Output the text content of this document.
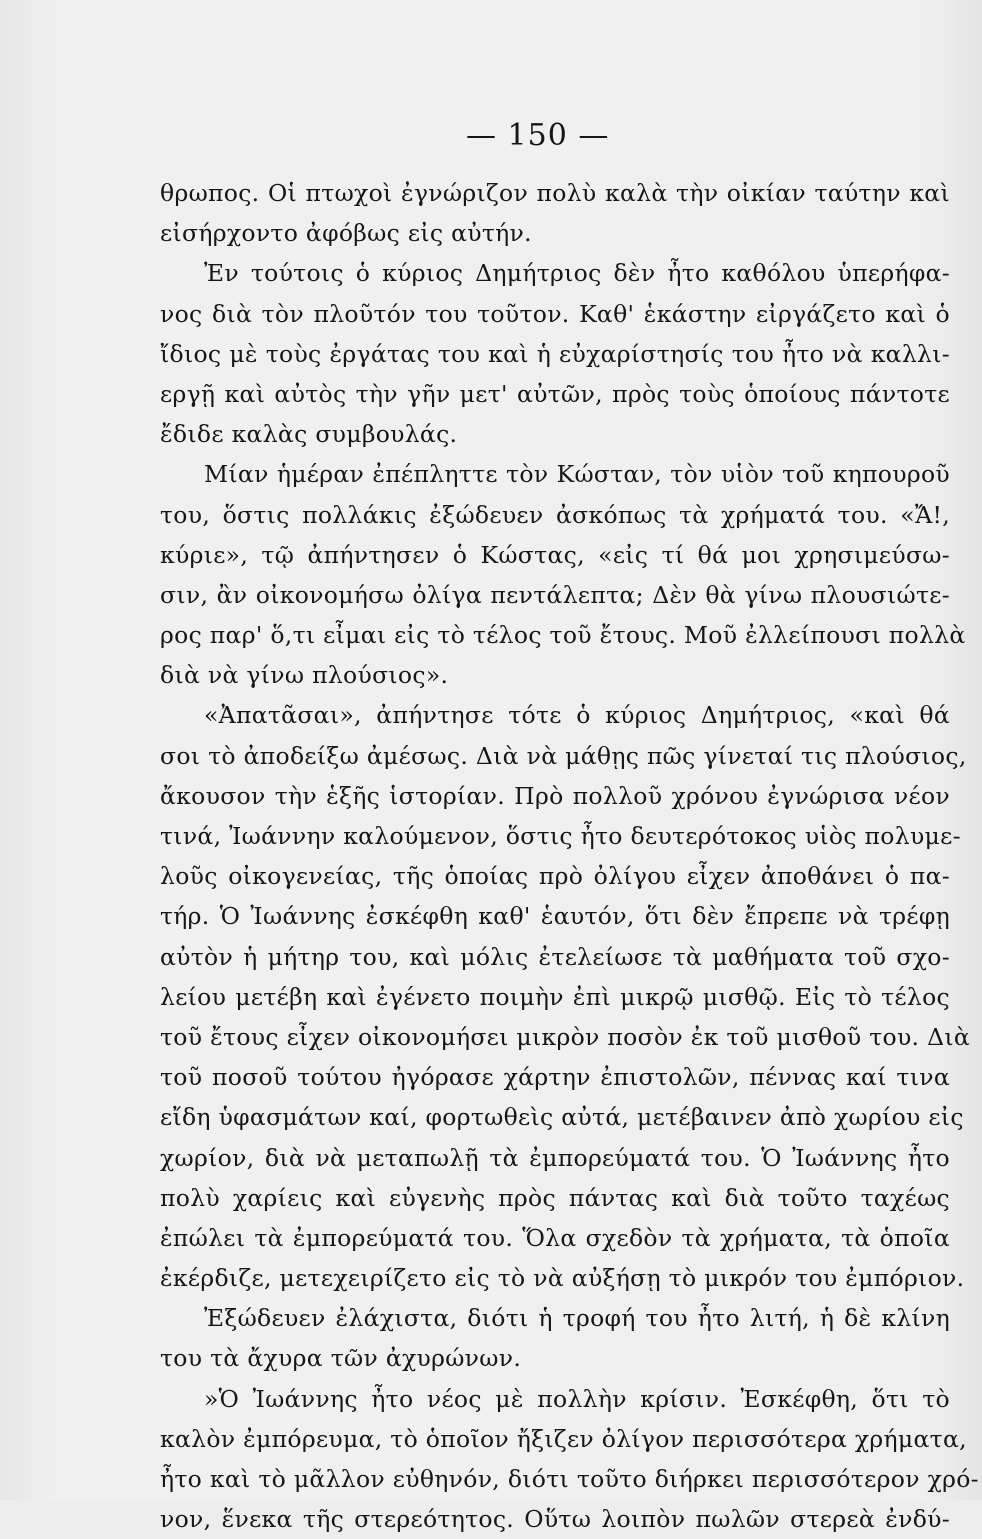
— 150 —
θρωπος. Οἱ πτωχοὶ ἐγνώριζον πολὺ καλὰ τὴν οἰκίαν ταύτην καὶ
εἰσήρχοντο ἀφόβως εἰς αὐτήν.
Ἐν τούτοις ὁ κύριος Δημήτριος δὲν ἦτο καθόλου ὑπερήφα-
νος διὰ τὸν πλοῦτόν του τοῦτον. Καθ' ἑκάστην εἰργάζετο καὶ ὁ
ἴδιος μὲ τοὺς ἐργάτας του καὶ ἡ εὐχαρίστησίς του ἦτο νὰ καλλι-
εργῇ καὶ αὐτὸς τὴν γῆν μετ' αὐτῶν, πρὸς τοὺς ὁποίους πάντοτε
ἔδιδε καλὰς συμβουλάς.
Μίαν ἡμέραν ἐπέπληττε τὸν Κώσταν, τὸν υἱὸν τοῦ κηπουροῦ
του, ὅστις πολλάκις ἐξώδευεν ἀσκόπως τὰ χρήματά του. «Ἄ!,
κύριε», τῷ ἀπήντησεν ὁ Κώστας, «εἰς τί θά μοι χρησιμεύσω-
σιν, ἂν οἰκονομήσω ὀλίγα πεντάλεπτα; Δὲν θὰ γίνω πλουσιώτε-
ρος παρ' ὅ,τι εἶμαι εἰς τὸ τέλος τοῦ ἔτους. Μοῦ ἐλλείπουσι πολλὰ
διὰ νὰ γίνω πλούσιος».
«Ἀπατᾶσαι», ἀπήντησε τότε ὁ κύριος Δημήτριος, «καὶ θά
σοι τὸ ἀποδείξω ἀμέσως. Διὰ νὰ μάθῃς πῶς γίνεταί τις πλούσιος,
ἄκουσον τὴν ἑξῆς ἱστορίαν. Πρὸ πολλοῦ χρόνου ἐγνώρισα νέον
τινά, Ἰωάννην καλούμενον, ὅστις ἦτο δευτερότοκος υἱὸς πολυμε-
λοῦς οἰκογενείας, τῆς ὁποίας πρὸ ὀλίγου εἶχεν ἀποθάνει ὁ πα-
τήρ. Ὁ Ἰωάννης ἐσκέφθη καθ' ἑαυτόν, ὅτι δὲν ἔπρεπε νὰ τρέφῃ
αὐτὸν ἡ μήτηρ του, καὶ μόλις ἐτελείωσε τὰ μαθήματα τοῦ σχο-
λείου μετέβη καὶ ἐγένετο ποιμὴν ἐπὶ μικρῷ μισθῷ. Εἰς τὸ τέλος
τοῦ ἔτους εἶχεν οἰκονομήσει μικρὸν ποσὸν ἐκ τοῦ μισθοῦ του. Διὰ
τοῦ ποσοῦ τούτου ἠγόρασε χάρτην ἐπιστολῶν, πέννας καί τινα
εἴδη ὑφασμάτων καί, φορτωθεὶς αὐτά, μετέβαινεν ἀπὸ χωρίου εἰς
χωρίον, διὰ νὰ μεταπωλῇ τὰ ἐμπορεύματά του. Ὁ Ἰωάννης ἦτο
πολὺ χαρίεις καὶ εὐγενὴς πρὸς πάντας καὶ διὰ τοῦτο ταχέως
ἐπώλει τὰ ἐμπορεύματά του. Ὅλα σχεδὸν τὰ χρήματα, τὰ ὁποῖα
ἐκέρδιζε, μετεχειρίζετο εἰς τὸ νὰ αὐξήσῃ τὸ μικρόν του ἐμπόριον.
Ἐξώδευεν ἐλάχιστα, διότι ἡ τροφή του ἦτο λιτή, ἡ δὲ κλίνη
του τὰ ἄχυρα τῶν ἀχυρώνων.
»Ὁ Ἰωάννης ἦτο νέος μὲ πολλὴν κρίσιν. Ἐσκέφθη, ὅτι τὸ
καλὸν ἐμπόρευμα, τὸ ὁποῖον ἤξιζεν ὀλίγον περισσότερα χρήματα,
ἦτο καὶ τὸ μᾶλλον εὐθηνόν, διότι τοῦτο διήρκει περισσότερον χρό-
νον, ἕνεκα τῆς στερεότητος. Οὕτω λοιπὸν πωλῶν στερεὰ ἐνδύ-
